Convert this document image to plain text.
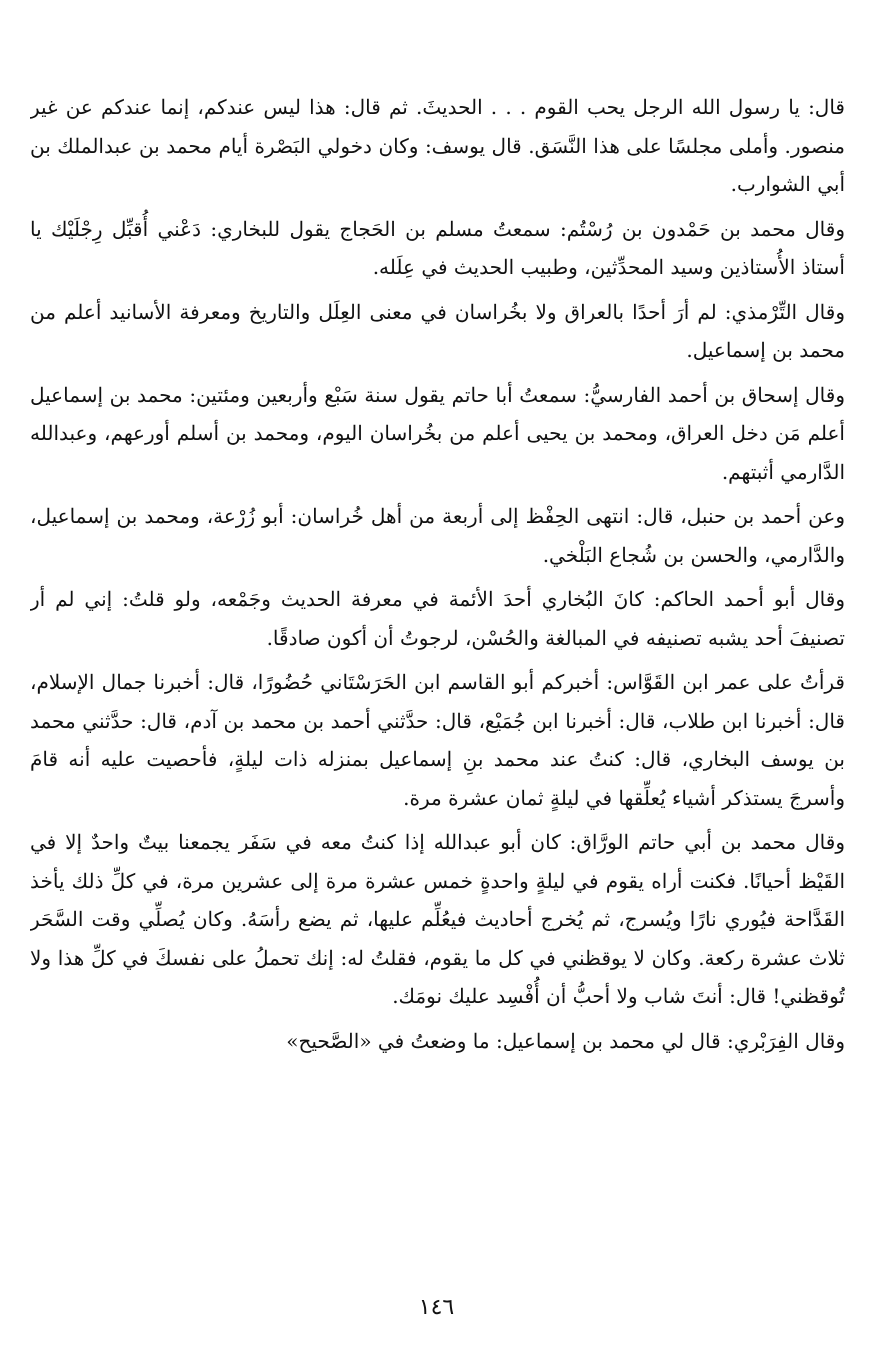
قال: يا رسول الله الرجل يحب القوم . . . الحديثَ. ثم قال: هذا ليس عندكم، إنما عندكم عن غير منصور. وأملى مجلسًا على هذا النَّسَق. قال يوسف: وكان دخولي البَصْرة أيام محمد بن عبدالملك بن أبي الشوارب.

وقال محمد بن حَمْدون بن رُسْتُم: سمعتُ مسلم بن الحَجاج يقول للبخاري: دَعْني أُقبِّل رِجْلَيْك يا أستاذ الأُستاذين وسيد المحدِّثين، وطبيب الحديث في عِلَله.

وقال التِّرْمذي: لم أرَ أحدًا بالعراق ولا بخُراسان في معنى العِلَل والتاريخ ومعرفة الأسانيد أعلم من محمد بن إسماعيل.

وقال إسحاق بن أحمد الفارسيُّ: سمعتُ أبا حاتم يقول سنة سَبْع وأربعين ومئتين: محمد بن إسماعيل أعلم مَن دخل العراق، ومحمد بن يحيى أعلم من بخُراسان اليوم، ومحمد بن أسلم أورعهم، وعبدالله الدَّارمي أثبتهم.

وعن أحمد بن حنبل، قال: انتهى الحِفْظ إلى أربعة من أهل خُراسان: أبو زُرْعة، ومحمد بن إسماعيل، والدَّارمي، والحسن بن شُجاع البَلْخي.

وقال أبو أحمد الحاكم: كانَ البُخاري أحدَ الأئمة في معرفة الحديث وجَمْعه، ولو قلتُ: إني لم أر تصنيفَ أحد يشبه تصنيفه في المبالغة والحُسْن، لرجوتُ أن أكون صادقًا.

قرأتُ على عمر ابن القَوَّاس: أخبركم أبو القاسم ابن الحَرَسْتَاني حُضُورًا، قال: أخبرنا جمال الإسلام، قال: أخبرنا ابن طلاب، قال: أخبرنا ابن جُمَيْع، قال: حدَّثني أحمد بن محمد بن آدم، قال: حدَّثني محمد بن يوسف البخاري، قال: كنتُ عند محمد بنِ إسماعيل بمنزله ذات ليلةٍ، فأحصيت عليه أنه قامَ وأسرجَ يستذكر أشياء يُعلِّقها في ليلةٍ ثمان عشرة مرة.

وقال محمد بن أبي حاتم الورَّاق: كان أبو عبدالله إذا كنتُ معه في سَفَر يجمعنا بيتٌ واحدٌ إلا في القَيْظ أحيانًا. فكنت أراه يقوم في ليلةٍ واحدةٍ خمس عشرة مرة إلى عشرين مرة، في كلِّ ذلك يأخذ القَدَّاحة فيُوري نارًا ويُسرج، ثم يُخرج أحاديث فيعُلِّم عليها، ثم يضع رأسَهُ. وكان يُصلِّي وقت السَّحَر ثلاث عشرة ركعة. وكان لا يوقظني في كل ما يقوم، فقلتُ له: إنك تحملُ على نفسكَ في كلِّ هذا ولا تُوقظني! قال: أنتَ شاب ولا أحبُّ أن أُفْسِد عليك نومَك.

وقال الفِرَبْري: قال لي محمد بن إسماعيل: ما وضعتُ في «الصَّحيح»

١٤٦
